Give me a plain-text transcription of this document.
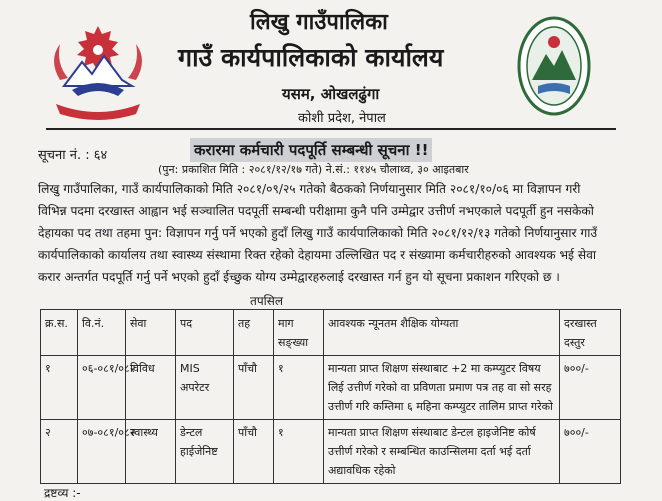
लिखु गाउँपालिका
गाउँ कार्यपालिकाको कार्यालय
यसम, ओखलढुंगा
कोशी प्रदेश, नेपाल
सूचना नं. : ६४	करारमा कर्मचारी पदपूर्ति सम्बन्धी सूचना !!
(पुन: प्रकाशित मिति : २०८१/१२/१७ गते) ने.सं.: ११४५ चौलाथ्व, ३० आइतबार
लिखु गाउँपालिका, गाउँ कार्यपालिकाको मिति २०८१/०९/२५ गतेको बैठकको निर्णयानुसार मिति २०८१/१०/०६ मा विज्ञापन गरी
विभिन्न पदमा दरखास्त आह्वान भई सञ्चालित पदपूर्ती सम्बन्धी परीक्षामा कुनै पनि उम्मेद्वार उत्तीर्ण नभएकाले पदपूर्ती हुन नसकेको
देहायका पद तथा तहमा पुन: विज्ञापन गर्नु पर्ने भएको हुदाँ लिखु गाउँ कार्यपालिकाको मिति २०८१/१२/१३ गतेको निर्णयानुसार गाउँ
कार्यपालिकाको कार्यालय तथा स्वास्थ्य संस्थामा रिक्त रहेको देहायमा उल्लिखित पद र संख्यामा कर्मचारीहरुको आवश्यक भई सेवा
करार अन्तर्गत पदपूर्ति गर्नु पर्ने भएको हुदाँ ईच्छुक योग्य उम्मेद्वारहरुलाई दरखास्त गर्न हुन यो सूचना प्रकाशन गरिएको छ ।
तपसिल
क्र.स.	वि.नं.	सेवा	पद	तह	माग सङ्ख्या	आवश्यक न्यूनतम शैक्षिक योग्यता	दरखास्त दस्तुर
१	०६-०८१/०८२	विविध	MIS अपरेटर	पाँचौ	१	मान्यता प्राप्त शिक्षण संस्थाबाट +2 मा कम्प्युटर विषय लिई उत्तीर्ण गरेको वा प्रविणता प्रमाण पत्र तह वा सो सरह उत्तीर्ण गरि कम्तिमा ६ महिना कम्प्युटर तालिम प्राप्त गरेको	७००/-
२	०७-०८१/०८२	स्वास्थ्य	डेन्टल हाईजेनिष्ट	पाँचौ	१	मान्यता प्राप्त शिक्षण संस्थाबाट डेन्टल हाइजेनिष्ट कोर्ष उत्तीर्ण गरेको र सम्बन्धित काउन्सिलमा दर्ता भई दर्ता अद्यावधिक रहेको	७००/-
द्रष्टव्य :-
